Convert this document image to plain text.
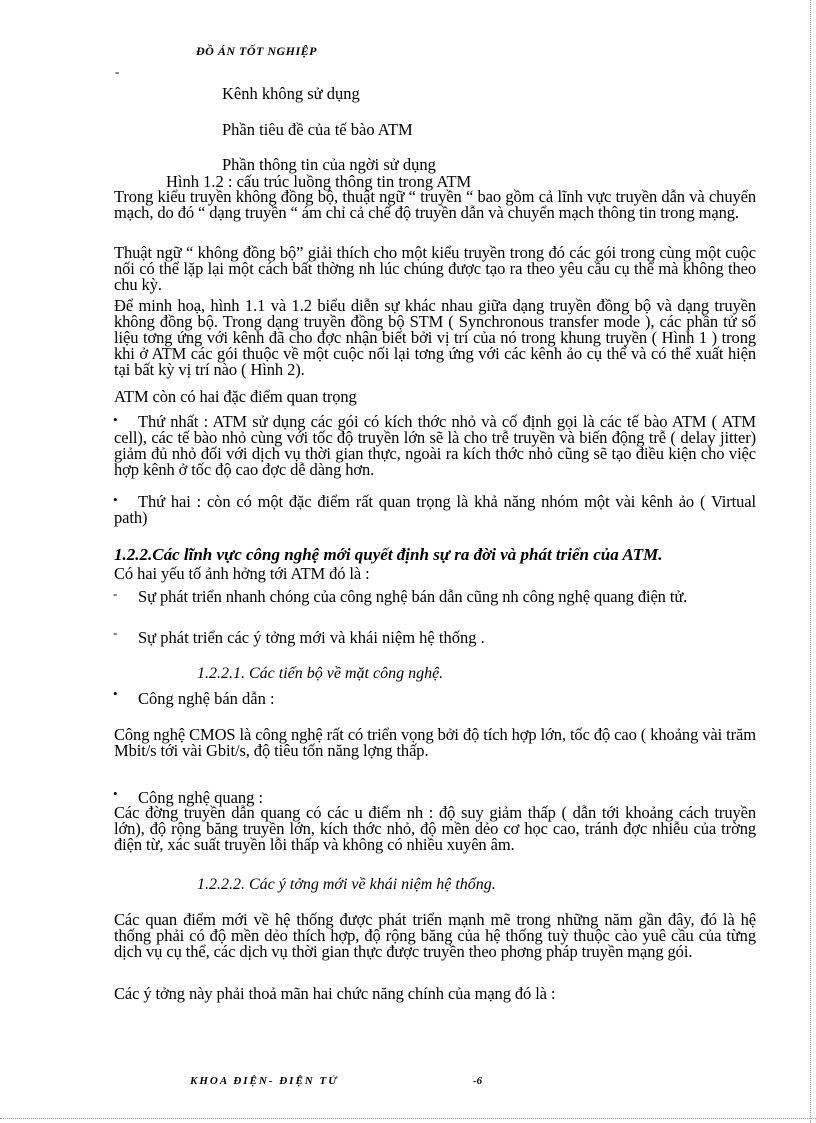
ĐỒ ÁN TỐT NGHIỆP
-
Kênh không sử dụng
Phần tiêu đề của tế bào ATM
Phần thông tin của ngời sử dụng
Hình 1.2 : cấu trúc luồng thông tin trong ATM
Trong kiểu truyền không đồng bộ, thuật ngữ “ truyền “ bao gồm cả lĩnh vực truyền dẫn và chuyển mạch, do đó “ dạng truyền “ ám chỉ cả chế độ truyền dẫn và chuyển mạch thông tin trong mạng.
Thuật ngữ “ không đồng bộ” giải thích cho một kiểu truyền trong đó các gói trong cùng một cuộc nối có thể lặp lại một cách bất thờng nh lúc chúng được tạo ra theo yêu cầu cụ thể mà không theo chu kỳ.
Để minh hoạ, hình 1.1 và 1.2 biểu diễn sự khác nhau giữa dạng truyền đồng bộ và dạng truyền không đồng bộ. Trong dạng truyền đồng bộ STM ( Synchronous transfer mode ), các phần tử số liệu tơng ứng với kênh đã cho đợc nhận biết bởi vị trí của nó trong khung truyền ( Hình 1 ) trong khi ở ATM các gói thuộc về một cuộc nối lại tơng ứng với các kênh ảo cụ thể và có thể xuất hiện tại bất kỳ vị trí nào ( Hình 2).
ATM còn có hai đặc điểm quan trọng
•	Thứ nhất : ATM sử dụng các gói có kích thớc nhỏ và cố định gọi là các tế bào ATM ( ATM cell), các tế bào nhỏ cùng với tốc độ truyền lớn sẽ là cho trễ truyền và biến động trễ ( delay jitter) giảm đủ nhỏ đối với dịch vụ thời gian thực, ngoài ra kích thớc nhỏ cũng sẽ tạo điều kiện cho việc hợp kênh ở tốc độ cao đợc dễ dàng hơn.
•	Thứ hai : còn có một đặc điểm rất quan trọng là khả năng nhóm một vài kênh ảo ( Virtual path)
1.2.2.Các lĩnh vực công nghệ mới quyết định sự ra đời và phát triển của ATM.
Có hai yếu tố ảnh hởng tới ATM đó là :
-	Sự phát triển nhanh chóng của công nghệ bán dẫn cũng nh công nghệ quang điện tử.
- Sự phát triển các ý tởng mới và khái niệm hệ thống .
1.2.2.1. Các tiến bộ về mặt công nghệ.
• Công nghệ bán dẫn :
Công nghệ CMOS là công nghệ rất có triển vọng bởi độ tích hợp lớn, tốc độ cao ( khoảng vài trăm Mbit/s tới vài Gbit/s, độ tiêu tốn năng lợng thấp.
• Công nghệ quang :
Các đờng truyền dẫn quang có các u điểm nh : độ suy giảm thấp ( dẫn tới khoảng cách truyền lớn), độ rộng băng truyền lớn, kích thớc nhỏ, độ mền dẻo cơ học cao, tránh đợc nhiễu của trờng điện từ, xác suất truyền lỗi thấp và không có nhiều xuyên âm.
1.2.2.2. Các ý tởng mới về khái niệm hệ thống.
Các quan điểm mới về hệ thống được phát triển mạnh mẽ trong những năm gần đây, đó là hệ thống phải có độ mền dẻo thích hợp, độ rộng băng của hệ thống tuỳ thuộc cào yuê cầu của từng dịch vụ cụ thể, các dịch vụ thời gian thực được truyền theo phơng pháp truyền mạng gói.
Các ý tởng này phải thoả mãn hai chức năng chính của mạng đó là :
KHOA ĐIỆN- ĐIỆN TỬ	-6
